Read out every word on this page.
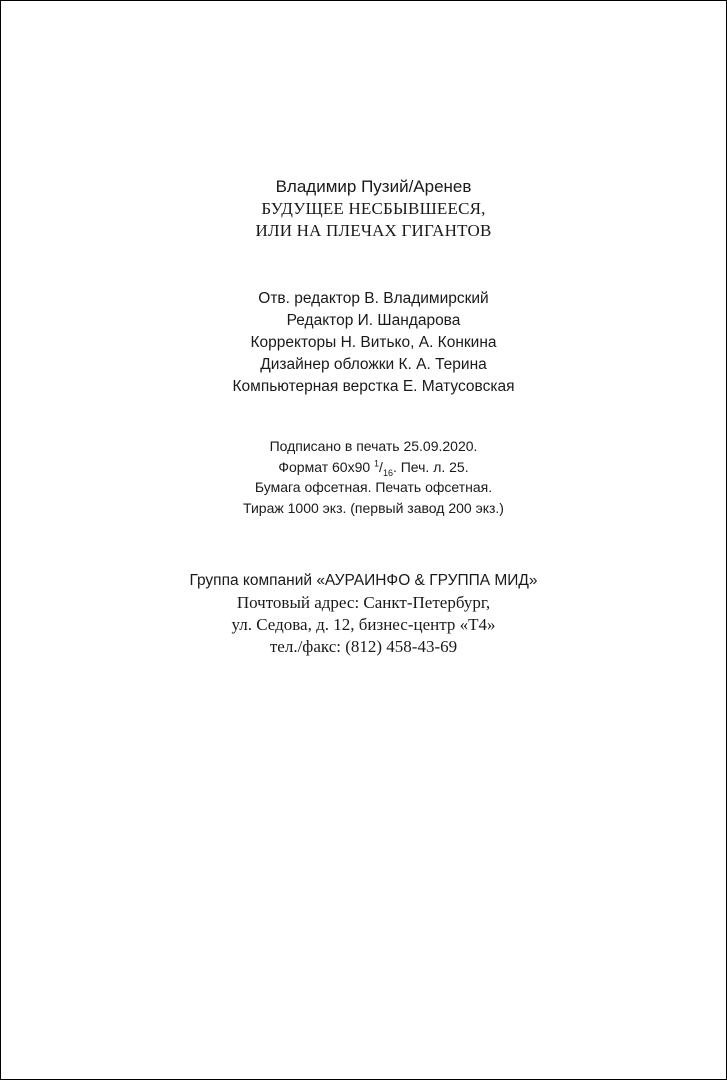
Владимир Пузий/Аренев
БУДУЩЕЕ НЕСБЫВШЕЕСЯ,
ИЛИ НА ПЛЕЧАХ ГИГАНТОВ
Отв. редактор В. Владимирский
Редактор И. Шандарова
Корректоры Н. Витько, А. Конкина
Дизайнер обложки К. А. Терина
Компьютерная верстка Е. Матусовская
Подписано в печать 25.09.2020.
Формат 60x90 $^1/_{16}$. Печ. л. 25.
Бумага офсетная. Печать офсетная.
Тираж 1000 экз. (первый завод 200 экз.)
Группа компаний «АУРАИНФО & ГРУППА МИД»
Почтовый адрес: Санкт-Петербург,
ул. Седова, д. 12, бизнес-центр «Т4»
тел./факс: (812) 458-43-69
